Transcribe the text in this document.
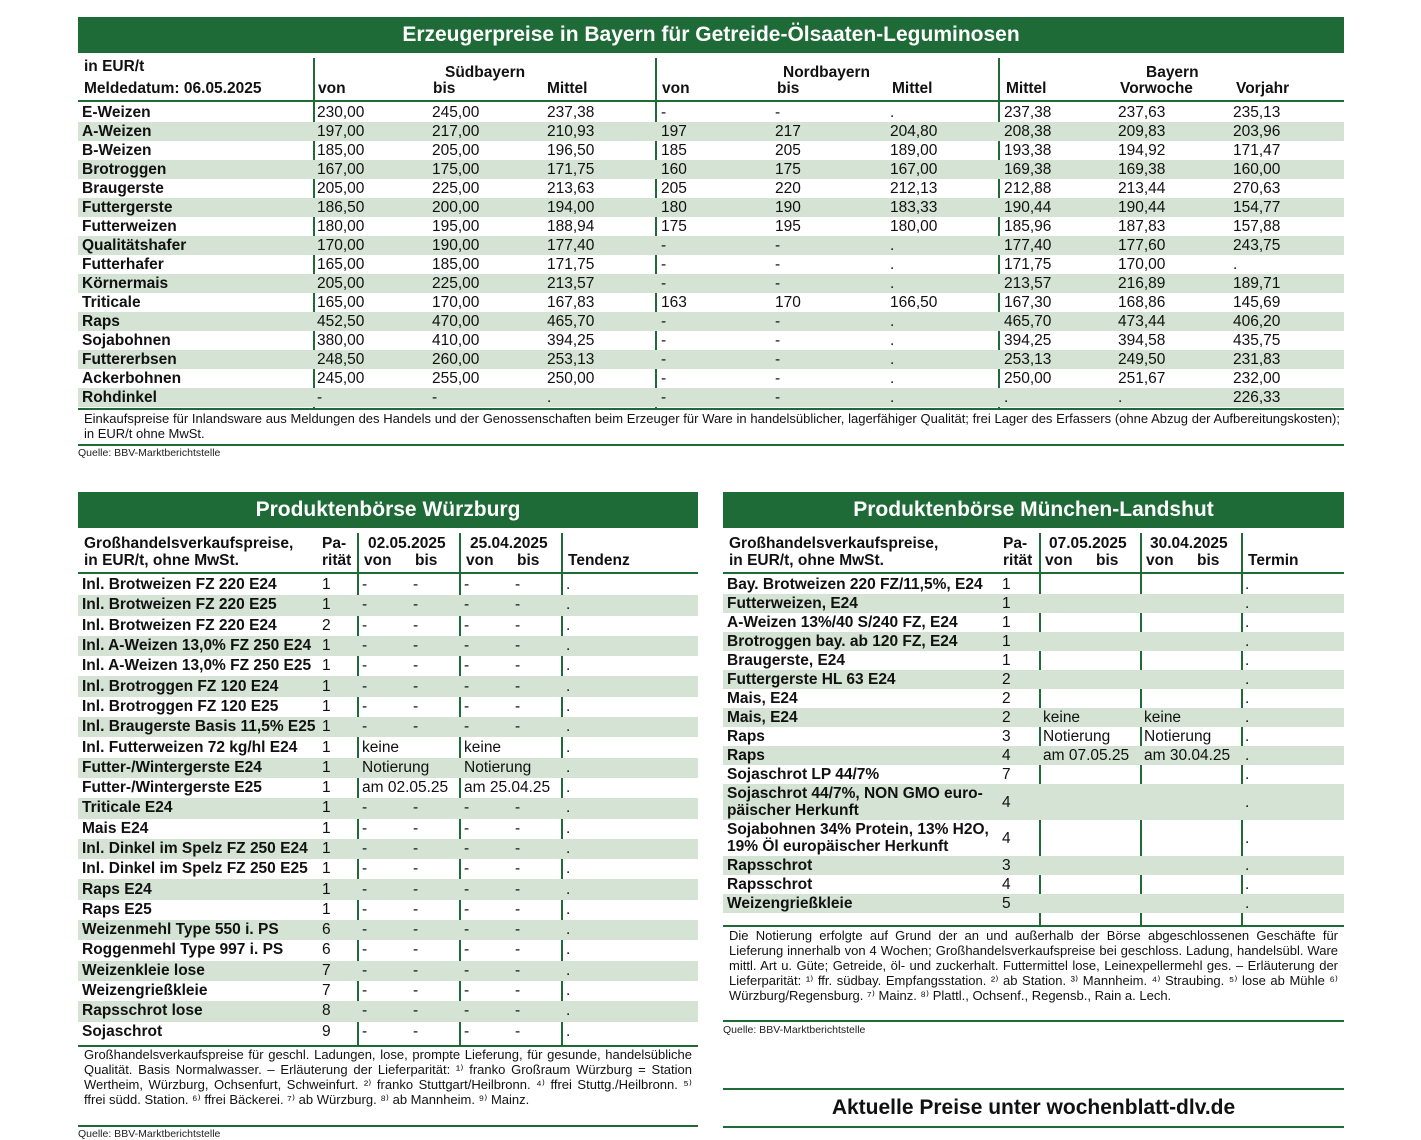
Erzeugerpreise in Bayern für Getreide-Ölsaaten-Leguminosen
in EUR/t
Meldedatum: 06.05.2025
Südbayern	Nordbayern	Bayern
von	bis	Mittel	von	bis	Mittel	Mittel	Vorwoche	Vorjahr
E-Weizen	230,00	245,00	237,38	-	-	.	237,38	237,63	235,13
A-Weizen	197,00	217,00	210,93	197	217	204,80	208,38	209,83	203,96
B-Weizen	185,00	205,00	196,50	185	205	189,00	193,38	194,92	171,47
Brotroggen	167,00	175,00	171,75	160	175	167,00	169,38	169,38	160,00
Braugerste	205,00	225,00	213,63	205	220	212,13	212,88	213,44	270,63
Futtergerste	186,50	200,00	194,00	180	190	183,33	190,44	190,44	154,77
Futterweizen	180,00	195,00	188,94	175	195	180,00	185,96	187,83	157,88
Qualitätshafer	170,00	190,00	177,40	-	-	.	177,40	177,60	243,75
Futterhafer	165,00	185,00	171,75	-	-	.	171,75	170,00	.
Körnermais	205,00	225,00	213,57	-	-	.	213,57	216,89	189,71
Triticale	165,00	170,00	167,83	163	170	166,50	167,30	168,86	145,69
Raps	452,50	470,00	465,70	-	-	.	465,70	473,44	406,20
Sojabohnen	380,00	410,00	394,25	-	-	.	394,25	394,58	435,75
Futtererbsen	248,50	260,00	253,13	-	-	.	253,13	249,50	231,83
Ackerbohnen	245,00	255,00	250,00	-	-	.	250,00	251,67	232,00
Rohdinkel	-	-	.	-	-	.	.	.	226,33
Einkaufspreise für Inlandsware aus Meldungen des Handels und der Genossenschaften beim Erzeuger für Ware in handelsüblicher, lagerfähiger Qualität; frei Lager des Erfassers (ohne Abzug der Aufbereitungskosten); in EUR/t ohne MwSt.
Quelle: BBV-Marktberichtstelle
Produktenbörse Würzburg
Großhandelsverkaufspreise,
in EUR/t, ohne MwSt.
Pa-
rität
02.05.2025 25.04.2025
von bis von bis Tendenz
Inl. Brotweizen FZ 220 E24	1	-	-	-	-	.
Inl. Brotweizen FZ 220 E25	1	-	-	-	-	.
Inl. Brotweizen FZ 220 E24	2	-	-	-	-	.
Inl. A-Weizen 13,0% FZ 250 E24	1	-	-	-	-	.
Inl. A-Weizen 13,0% FZ 250 E25	1	-	-	-	-	.
Inl. Brotroggen FZ 120 E24	1	-	-	-	-	.
Inl. Brotroggen FZ 120 E25	1	-	-	-	-	.
Inl. Braugerste Basis 11,5% E25	1	-	-	-	-	.
Inl. Futterweizen 72 kg/hl E24	1	keine		keine		.
Futter-/Wintergerste E24	1	Notierung		Notierung		.
Futter-/Wintergerste E25	1	am 02.05.25		am 25.04.25		.
Triticale E24	1	-	-	-	-	.
Mais E24	1	-	-	-	-	.
Inl. Dinkel im Spelz FZ 250 E24	1	-	-	-	-	.
Inl. Dinkel im Spelz FZ 250 E25	1	-	-	-	-	.
Raps E24	1	-	-	-	-	.
Raps E25	1	-	-	-	-	.
Weizenmehl Type 550 i. PS	6	-	-	-	-	.
Roggenmehl Type 997 i. PS	6	-	-	-	-	.
Weizenkleie lose	7	-	-	-	-	.
Weizengrießkleie	7	-	-	-	-	.
Rapsschrot lose	8	-	-	-	-	.
Sojaschrot	9	-	-	-	-	.
Großhandelsverkaufspreise für geschl. Ladungen, lose, prompte Lieferung, für gesunde, handelsübliche Qualität. Basis Normalwasser. – Erläuterung der Lieferparität: ¹⁾ franko Großraum Würzburg = Station Wertheim, Würzburg, Ochsenfurt, Schweinfurt. ²⁾ franko Stuttgart/Heilbronn. ⁴⁾ ffrei Stuttg./Heilbronn. ⁵⁾ ffrei südd. Station. ⁶⁾ ffrei Bäckerei. ⁷⁾ ab Würzburg. ⁸⁾ ab Mannheim. ⁹⁾ Mainz.
Quelle: BBV-Marktberichtstelle
Produktenbörse München-Landshut
Großhandelsverkaufspreise,
in EUR/t, ohne MwSt.
Pa-
rität
07.05.2025 30.04.2025
von bis von bis Termin
Bay. Brotweizen 220 FZ/11,5%, E24	1					.
Futterweizen, E24	1					.
A-Weizen 13%/40 S/240 FZ, E24	1					.
Brotroggen bay. ab 120 FZ, E24	1					.
Braugerste, E24	1					.
Futtergerste HL 63 E24	2					.
Mais, E24	2					.
Mais, E24	2	keine		keine		.
Raps	3	Notierung		Notierung		.
Raps	4	am 07.05.25		am 30.04.25		.
Sojaschrot LP 44/7%	7					.

Sojaschrot 44/7%, NON GMO euro-
päischer Herkunft	4					.

Sojabohnen 34% Protein, 13% H2O,
19% Öl europäischer Herkunft	4					.
Rapsschrot	3					.
Rapsschrot	4					.
Weizengrießkleie	5					.
Die Notierung erfolgte auf Grund der an und außerhalb der Börse abgeschlossenen Geschäfte für Lieferung innerhalb von 4 Wochen; Großhandelsverkaufspreise bei geschloss. Ladung, handelsübl. Ware mittl. Art u. Güte; Getreide, öl- und zuckerhalt. Futtermittel lose, Leinexpellermehl ges. – Erläuterung der Lieferparität: ¹⁾ ffr. südbay. Empfangsstation. ²⁾ ab Station. ³⁾ Mannheim. ⁴⁾ Straubing. ⁵⁾ lose ab Mühle ⁶⁾ Würzburg/Regensburg. ⁷⁾ Mainz. ⁸⁾ Plattl., Ochsenf., Regensb., Rain a. Lech.
Quelle: BBV-Marktberichtstelle
Aktuelle Preise unter wochenblatt-dlv.de
